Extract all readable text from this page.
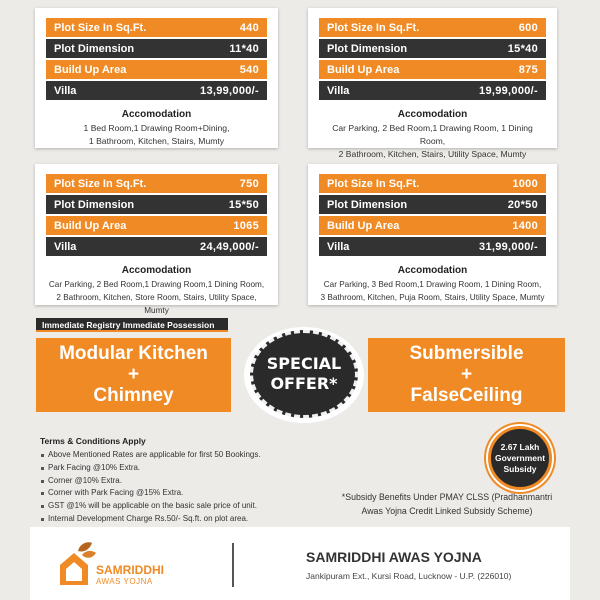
Plot Size In Sq.Ft.	440
Plot Dimension	11*40
Build Up Area	540
Villa	13,99,000/-
Accomodation
1 Bed Room,1 Drawing Room+Dining,
1 Bathroom, Kitchen, Stairs, Mumty
Plot Size In Sq.Ft.	600
Plot Dimension	15*40
Build Up Area	875
Villa	19,99,000/-
Accomodation
Car Parking, 2 Bed Room,1 Drawing Room, 1 Dining Room,
2 Bathroom, Kitchen, Stairs, Utility Space, Mumty
Plot Size In Sq.Ft.	750
Plot Dimension	15*50
Build Up Area	1065
Villa	24,49,000/-
Accomodation
Car Parking, 2 Bed Room,1 Drawing Room,1 Dining Room,
2 Bathroom, Kitchen, Store Room, Stairs, Utility Space, Mumty
Plot Size In Sq.Ft.	1000
Plot Dimension	20*50
Build Up Area	1400
Villa	31,99,000/-
Accomodation
Car Parking, 3 Bed Room,1 Drawing Room, 1 Dining Room,
3 Bathroom, Kitchen, Puja Room, Stairs, Utility Space, Mumty
Immediate Registry Immediate Possession
Modular Kitchen
+
Chimney
Submersible
+
FalseCeiling
SPECIAL
OFFER*
Terms & Conditions Apply
Above Mentioned Rates are applicable for first 50 Bookings.
Park Facing @10% Extra.
Corner @10% Extra.
Corner with Park Facing @15% Extra.
GST @1% will be applicable on the basic sale price of unit.
Internal Development Charge Rs.50/- Sq.ft. on plot area.
2.67 Lakh
Government
Subsidy
*Subsidy Benefits Under PMAY CLSS (Pradhanmantri
Awas Yojna Credit Linked Subsidy Scheme)
SAMRIDDHI
AWAS YOJNA
SAMRIDDHI AWAS YOJNA
Jankipuram Ext., Kursi Road, Lucknow - U.P. (226010)
